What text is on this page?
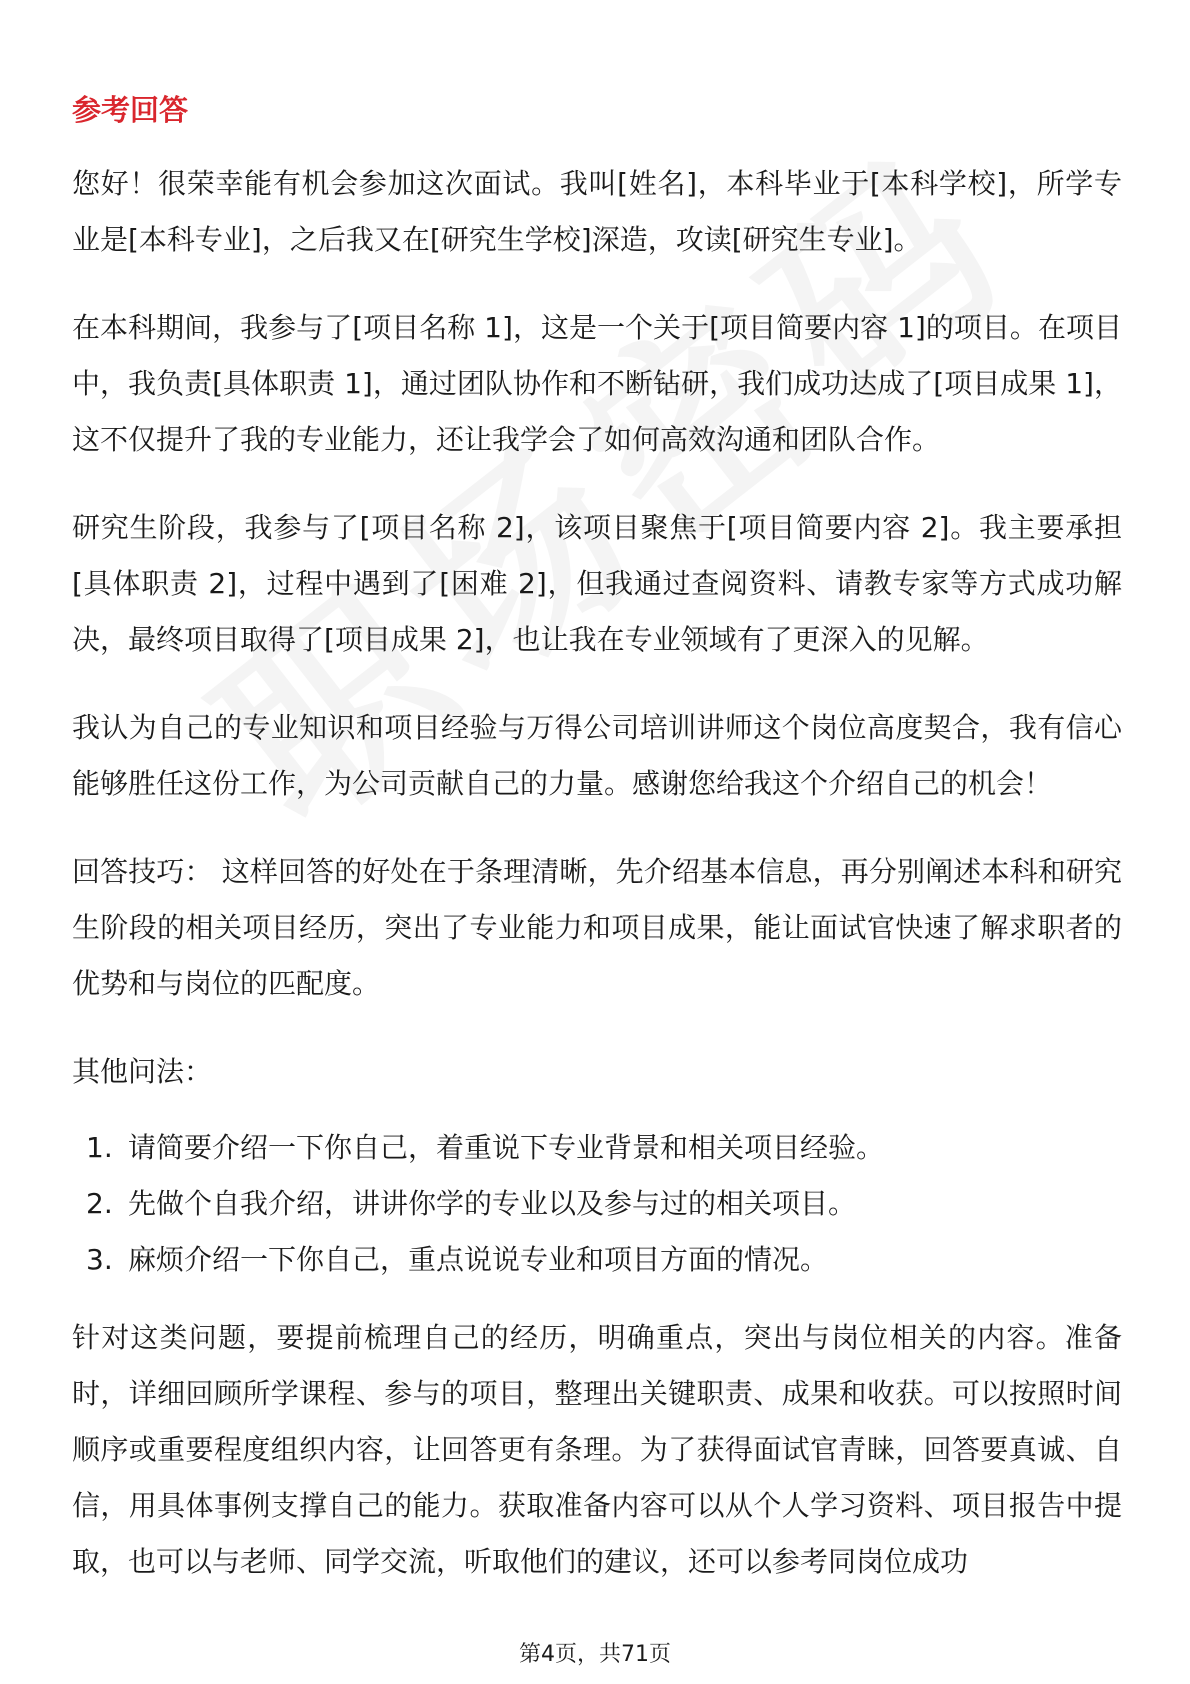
参考回答

您好！很荣幸能有机会参加这次面试。我叫[姓名]，本科毕业于[本科学校]，所学专业是[本科专业]，之后我又在[研究生学校]深造，攻读[研究生专业]。

在本科期间，我参与了[项目名称 1]，这是一个关于[项目简要内容 1]的项目。在项目中，我负责[具体职责 1]，通过团队协作和不断钻研，我们成功达成了[项目成果 1]，这不仅提升了我的专业能力，还让我学会了如何高效沟通和团队合作。

研究生阶段，我参与了[项目名称 2]，该项目聚焦于[项目简要内容 2]。我主要承担[具体职责 2]，过程中遇到了[困难 2]，但我通过查阅资料、请教专家等方式成功解决，最终项目取得了[项目成果 2]，也让我在专业领域有了更深入的见解。

我认为自己的专业知识和项目经验与万得公司培训讲师这个岗位高度契合，我有信心能够胜任这份工作，为公司贡献自己的力量。感谢您给我这个介绍自己的机会！

回答技巧： 这样回答的好处在于条理清晰，先介绍基本信息，再分别阐述本科和研究生阶段的相关项目经历，突出了专业能力和项目成果，能让面试官快速了解求职者的优势和与岗位的匹配度。

其他问法：

1. 请简要介绍一下你自己，着重说下专业背景和相关项目经验。
2. 先做个自我介绍，讲讲你学的专业以及参与过的相关项目。
3. 麻烦介绍一下你自己，重点说说专业和项目方面的情况。

针对这类问题，要提前梳理自己的经历，明确重点，突出与岗位相关的内容。准备时，详细回顾所学课程、参与的项目，整理出关键职责、成果和收获。可以按照时间顺序或重要程度组织内容，让回答更有条理。为了获得面试官青睐，回答要真诚、自信，用具体事例支撑自己的能力。获取准备内容可以从个人学习资料、项目报告中提取，也可以与老师、同学交流，听取他们的建议，还可以参考同岗位成功

第4页，共71页
